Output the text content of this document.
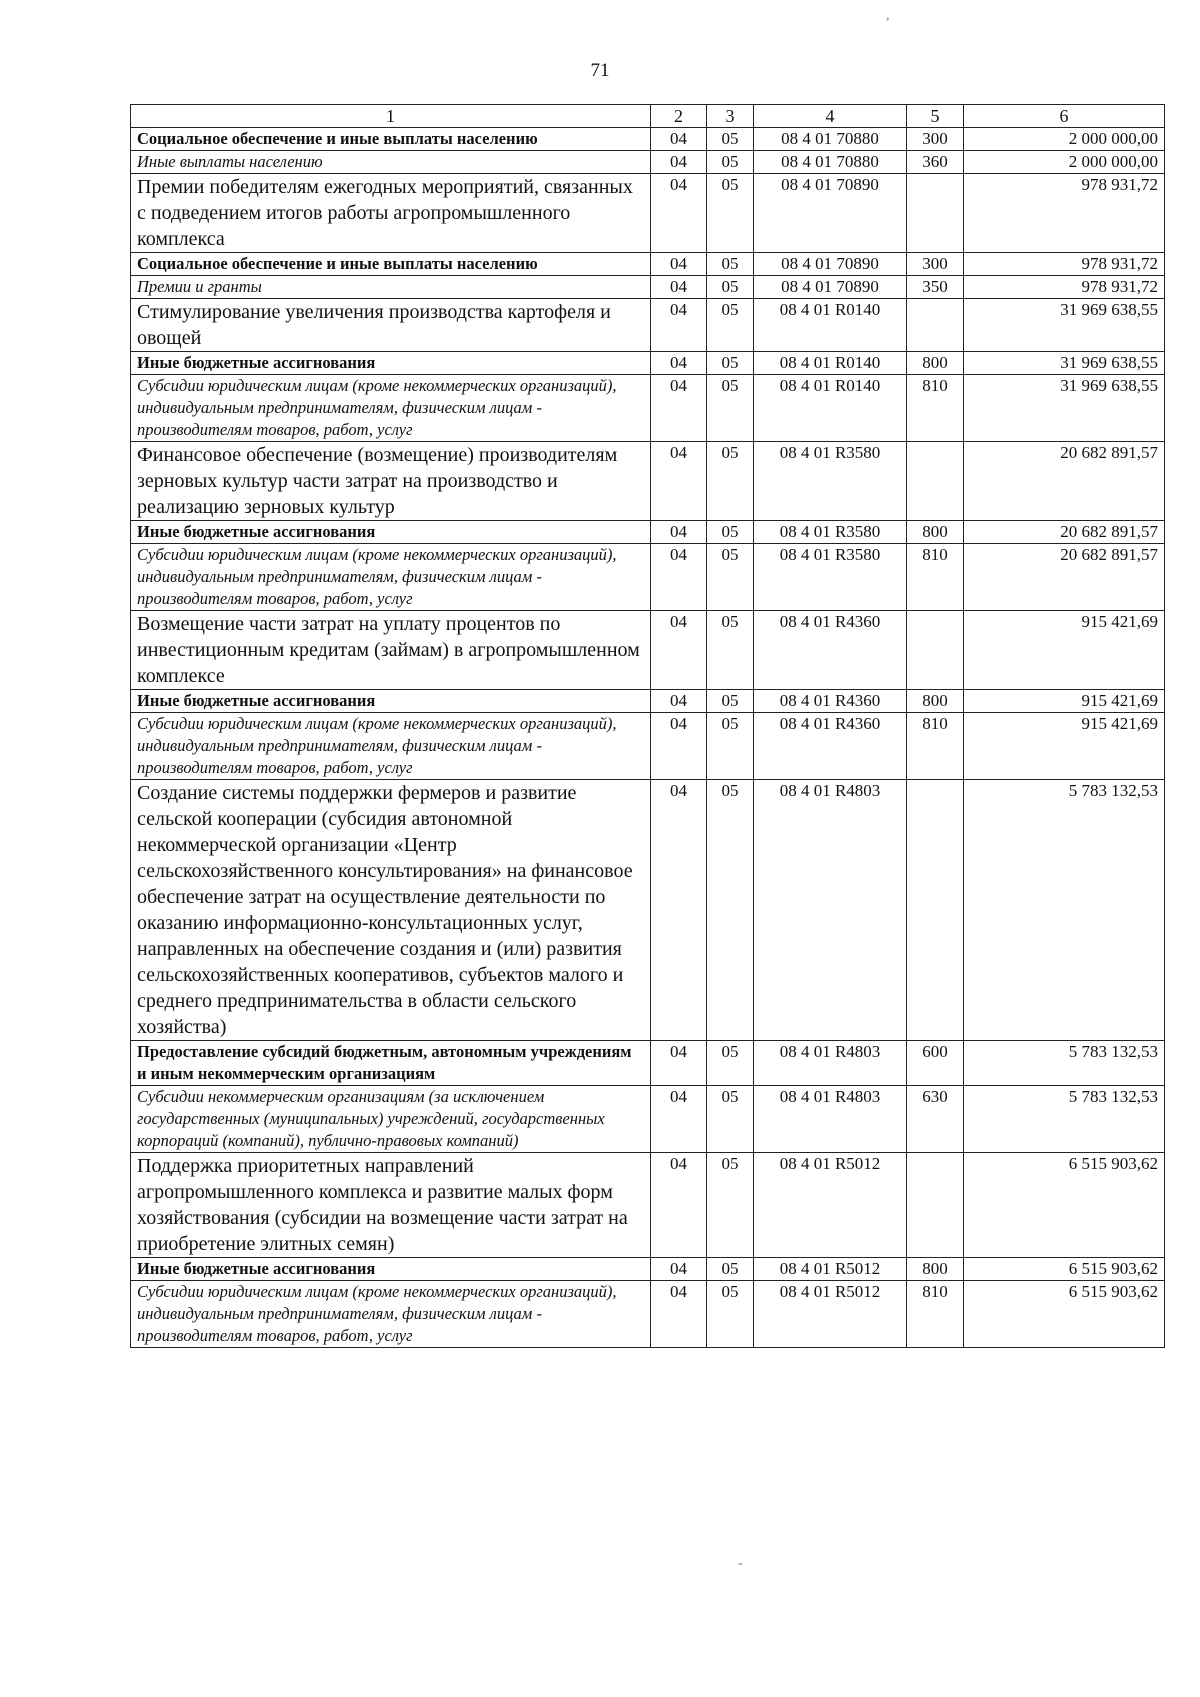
71
,
-
1	2	3	4	5	6
Социальное обеспечение и иные выплаты населению	04	05	08 4 01 70880	300	2 000 000,00
Иные выплаты населению	04	05	08 4 01 70880	360	2 000 000,00
Премии победителям ежегодных мероприятий, связанных с подведением итогов работы агропромышленного комплекса	04	05	08 4 01 70890		978 931,72
Социальное обеспечение и иные выплаты населению	04	05	08 4 01 70890	300	978 931,72
Премии и гранты	04	05	08 4 01 70890	350	978 931,72
Стимулирование увеличения производства картофеля и овощей	04	05	08 4 01 R0140		31 969 638,55
Иные бюджетные ассигнования	04	05	08 4 01 R0140	800	31 969 638,55
Субсидии юридическим лицам (кроме некоммерческих организаций), индивидуальным предпринимателям, физическим лицам - производителям товаров, работ, услуг	04	05	08 4 01 R0140	810	31 969 638,55
Финансовое обеспечение (возмещение) производителям зерновых культур части затрат на производство и реализацию зерновых культур	04	05	08 4 01 R3580		20 682 891,57
Иные бюджетные ассигнования	04	05	08 4 01 R3580	800	20 682 891,57
Субсидии юридическим лицам (кроме некоммерческих организаций), индивидуальным предпринимателям, физическим лицам - производителям товаров, работ, услуг	04	05	08 4 01 R3580	810	20 682 891,57
Возмещение части затрат на уплату процентов по инвестиционным кредитам (займам) в агропромышленном комплексе	04	05	08 4 01 R4360		915 421,69
Иные бюджетные ассигнования	04	05	08 4 01 R4360	800	915 421,69
Субсидии юридическим лицам (кроме некоммерческих организаций), индивидуальным предпринимателям, физическим лицам - производителям товаров, работ, услуг	04	05	08 4 01 R4360	810	915 421,69
Создание системы поддержки фермеров и развитие сельской кооперации (субсидия автономной некоммерческой организации «Центр сельскохозяйственного консультирования» на финансовое обеспечение затрат на осуществление деятельности по оказанию информационно-консультационных услуг, направленных на обеспечение создания и (или) развития сельскохозяйственных кооперативов, субъектов малого и среднего предпринимательства в области сельского хозяйства)	04	05	08 4 01 R4803		5 783 132,53
Предоставление субсидий бюджетным, автономным учреждениям и иным некоммерческим организациям	04	05	08 4 01 R4803	600	5 783 132,53
Субсидии некоммерческим организациям (за исключением государственных (муниципальных) учреждений, государственных корпораций (компаний), публично-правовых компаний)	04	05	08 4 01 R4803	630	5 783 132,53
Поддержка приоритетных направлений агропромышленного комплекса и развитие малых форм хозяйствования (субсидии на возмещение части затрат на приобретение элитных семян)	04	05	08 4 01 R5012		6 515 903,62
Иные бюджетные ассигнования	04	05	08 4 01 R5012	800	6 515 903,62
Субсидии юридическим лицам (кроме некоммерческих организаций), индивидуальным предпринимателям, физическим лицам - производителям товаров, работ, услуг	04	05	08 4 01 R5012	810	6 515 903,62
